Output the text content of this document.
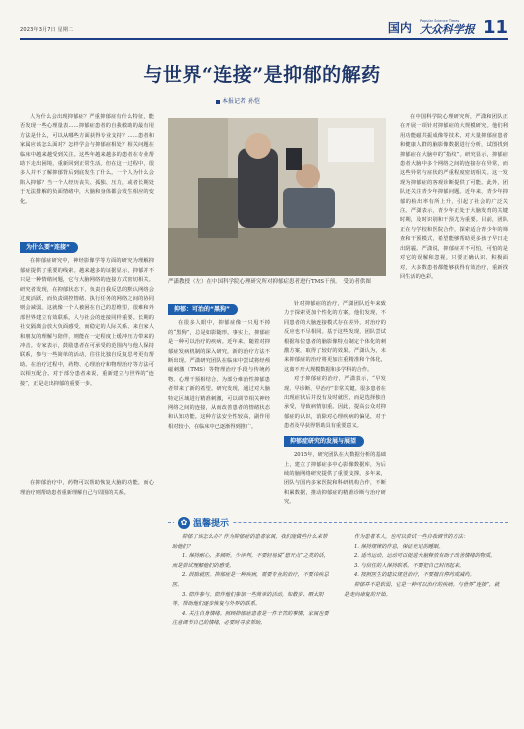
2023年3月7日 星期二	国内 Popular Science Times
大众科学报 11
与世界“连接”是抑郁的解药
本报记者 孙恺

人为什么会出现抑郁症？严重抑郁症有什么特征，能否发现一些心理量表……抑郁症患者的自我救助的最有用方法是什么，可以从哪些方面获得专业支持？……患者和家属应该怎么面对？怎样学会与抑郁症相处？相关问题在临床中越来越受到关注。这些年越来越多的患者在专业帮助下走出困境，重新回到正常生活。但在这一过程中，很多人并不了解抑郁背后到底发生了什么。一个人为什么会陷入抑郁？当一个人经历丧失、孤独、压力，或者长期处于无法排解的负面情绪中，大脑和身体都会发生相应的变化。

为什么要“连接”

在抑郁症研究中，神经影像学等方面的研究为理解抑郁症提供了重要的线索。越来越多的证据显示，抑郁并不只是一种情绪问题，它与大脑网络的连接方式密切相关。研究者发现，在抑郁状态下，负责自我反思的默认网络会过度活跃，而负责调控情绪、执行任务的网络之间的协同则会减弱。这就像一个人被困在自己的思维里，很难和外部世界建立有效联系。人与社会的连接同样重要。长期的社交隔离会放大负面感受，而稳定的人际关系、来自家人和朋友的理解与陪伴，则能在一定程度上缓冲压力带来的冲击。专家表示，鼓励患者在可承受的范围内与他人保持联系，参与一些简单的活动，往往比独自反复思考更有帮助。在治疗过程中，药物、心理治疗和物理治疗等方法可以相互配合。对于部分患者来说，重新建立与世界的“连接”，正是走出抑郁的重要一步。

在抑郁治疗中，药物可以帮助恢复大脑的功能，而心理治疗则帮助患者重新理解自己与周围的关系。

严潇教授（左）在中国科学院心理研究所对抑郁症患者进行TMS干预。　受访者供图
抑郁：可治的“黑狗”

在很多人眼中，抑郁症像一只甩不掉的“黑狗”，总是如影随形。事实上，抑郁症是一种可以治疗的疾病。近年来，随着对抑郁症发病机制的深入研究，新的治疗方法不断出现。严潇研究团队在临床中尝试将经颅磁刺激（TMS）等物理治疗手段与传统药物、心理干预相结合，为部分难治性抑郁患者带来了新的希望。研究发现，通过对大脑特定区域进行精准刺激，可以调节相关神经网络之间的连接，从而改善患者的情绪状态和认知功能。这种方法安全性较高，副作用相对较小，在临床中已逐渐得到推广。

针对抑郁症的治疗，严潇团队近年来致力于探索更加个性化的方案。他们发现，不同患者的大脑连接模式存在差异，对治疗的反应也不尽相同。基于这些发现，团队尝试根据每位患者的脑影像特点制定个体化的刺激方案，取得了较好的效果。严潇认为，未来抑郁症的治疗将更加注重精准和个体化，这离不开大规模数据和多学科的合作。

对于抑郁症的治疗，严潇表示，“早发现、早诊断、早治疗”非常关键。很多患者在出现症状后并没有及时就医，而是选择独自承受，导致病情加重。因此，提高公众对抑郁症的认识，消除对心理疾病的偏见，对于患者及早获得帮助具有重要意义。

抑郁症研究的发展与展望

2015年，研究团队在大数据分析的基础上，建立了抑郁症多中心影像数据库，为后续的脑网络研究提供了重要支撑。多年来，团队与国内多家医院和科研机构合作，不断积累数据，推动抑郁症的精准诊断与治疗研究。

在中国科学院心理研究所，严潇和团队正在开展一项针对抑郁症的大规模研究。他们利用功能磁共振成像等技术，对大量抑郁症患者和健康人群的脑影像数据进行分析，试图找到抑郁症在大脑中的“指纹”。研究显示，抑郁症患者大脑中多个网络之间的连接存在异常，而这些异常与症状的严重程度密切相关。这一发现为抑郁症的客观诊断提供了可能。此外，团队还关注青少年抑郁问题。近年来，青少年抑郁的检出率有所上升，引起了社会的广泛关注。严潇表示，青少年正处于大脑发育的关键时期，及时识别和干预尤为重要。目前，团队正在与学校和医院合作，探索适合青少年的筛查和干预模式，希望能够帮助更多孩子早日走出阴霾。严潇说，抑郁症并不可怕，可怕的是对它的误解和忽视。只要正确认识、积极面对，大多数患者都能够获得有效治疗，重新找回生活的色彩。

✿ 温馨提示

抑郁了该怎么办？作为抑郁症的患者家属，我们能做些什么来帮助他们？

1. 保持耐心，多倾听，少评判。不要轻易说“想开点”之类的话，而是尝试理解他们的感受。

2. 鼓励就医。抑郁症是一种疾病，需要专业的治疗，不要讳疾忌医。

3. 陪伴参与。陪伴他们参加一些简单的活动，如散步、晒太阳等，帮助他们逐步恢复与外界的联系。

4. 关注自身情绪。照顾抑郁症患者是一件辛苦的事情，家属也要注意调节自己的情绪，必要时寻求帮助。

作为患者本人，也可以尝试一些自我调节的方法：

1. 保持规律的作息，保证充足的睡眠。

2. 适当运动，运动可以促进大脑释放有助于改善情绪的物质。

3. 与信任的人保持联系，不要把自己封闭起来。

4. 按照医生的建议规范治疗，不要擅自停药或减药。

抑郁并不是软弱，它是一种可以治疗的疾病。与世界“连接”，就是走向康复的开始。
